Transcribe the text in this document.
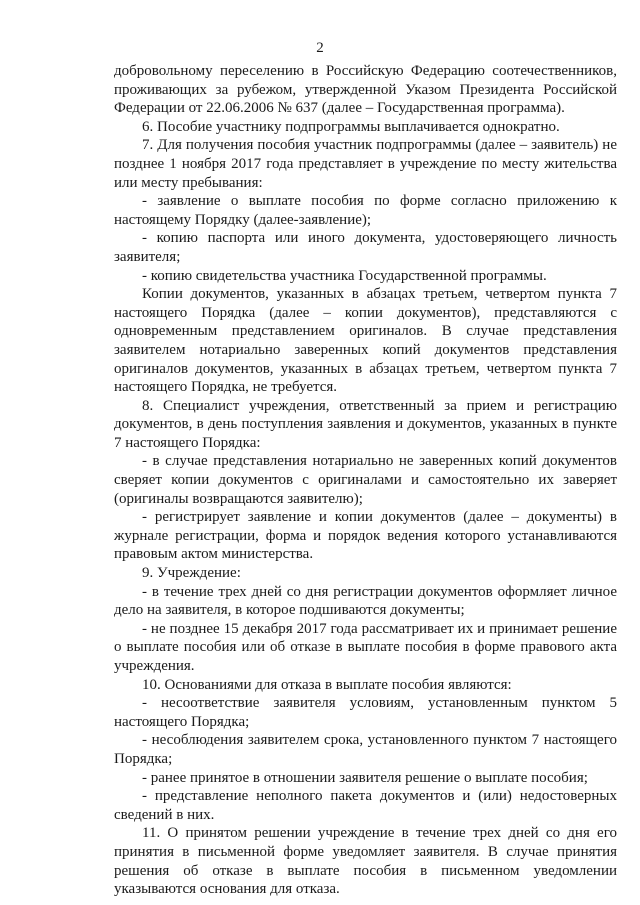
2

добровольному переселению в Российскую Федерацию соотечественников, проживающих за рубежом, утвержденной Указом Президента Российской Федерации от 22.06.2006 № 637 (далее – Государственная программа).

6. Пособие участнику подпрограммы выплачивается однократно.

7. Для получения пособия участник подпрограммы (далее – заявитель) не позднее 1 ноября 2017 года представляет в учреждение по месту жительства или месту пребывания:

- заявление о выплате пособия по форме согласно приложению к настоящему Порядку (далее-заявление);

- копию паспорта или иного документа, удостоверяющего личность заявителя;

- копию свидетельства участника Государственной программы.

Копии документов, указанных в абзацах третьем, четвертом пункта 7 настоящего Порядка (далее – копии документов), представляются с одновременным представлением оригиналов. В случае представления заявителем нотариально заверенных копий документов представления оригиналов документов, указанных в абзацах третьем, четвертом пункта 7 настоящего Порядка, не требуется.

8. Специалист учреждения, ответственный за прием и регистрацию документов, в день поступления заявления и документов, указанных в пункте 7 настоящего Порядка:

- в случае представления нотариально не заверенных копий документов сверяет копии документов с оригиналами и самостоятельно их заверяет (оригиналы возвращаются заявителю);

- регистрирует заявление и копии документов (далее – документы) в журнале регистрации, форма и порядок ведения которого устанавливаются правовым актом министерства.

9. Учреждение:

- в течение трех дней со дня регистрации документов оформляет личное дело на заявителя, в которое подшиваются документы;

- не позднее 15 декабря 2017 года рассматривает их и принимает решение о выплате пособия или об отказе в выплате пособия в форме правового акта учреждения.

10. Основаниями для отказа в выплате пособия являются:

- несоответствие заявителя условиям, установленным пунктом 5 настоящего Порядка;

- несоблюдения заявителем срока, установленного пунктом 7 настоящего Порядка;

- ранее принятое в отношении заявителя решение о выплате пособия;

- представление неполного пакета документов и (или) недостоверных сведений в них.

11. О принятом решении учреждение в течение трех дней со дня его принятия в письменной форме уведомляет заявителя. В случае принятия решения об отказе в выплате пособия в письменном уведомлении указываются основания для отказа.
